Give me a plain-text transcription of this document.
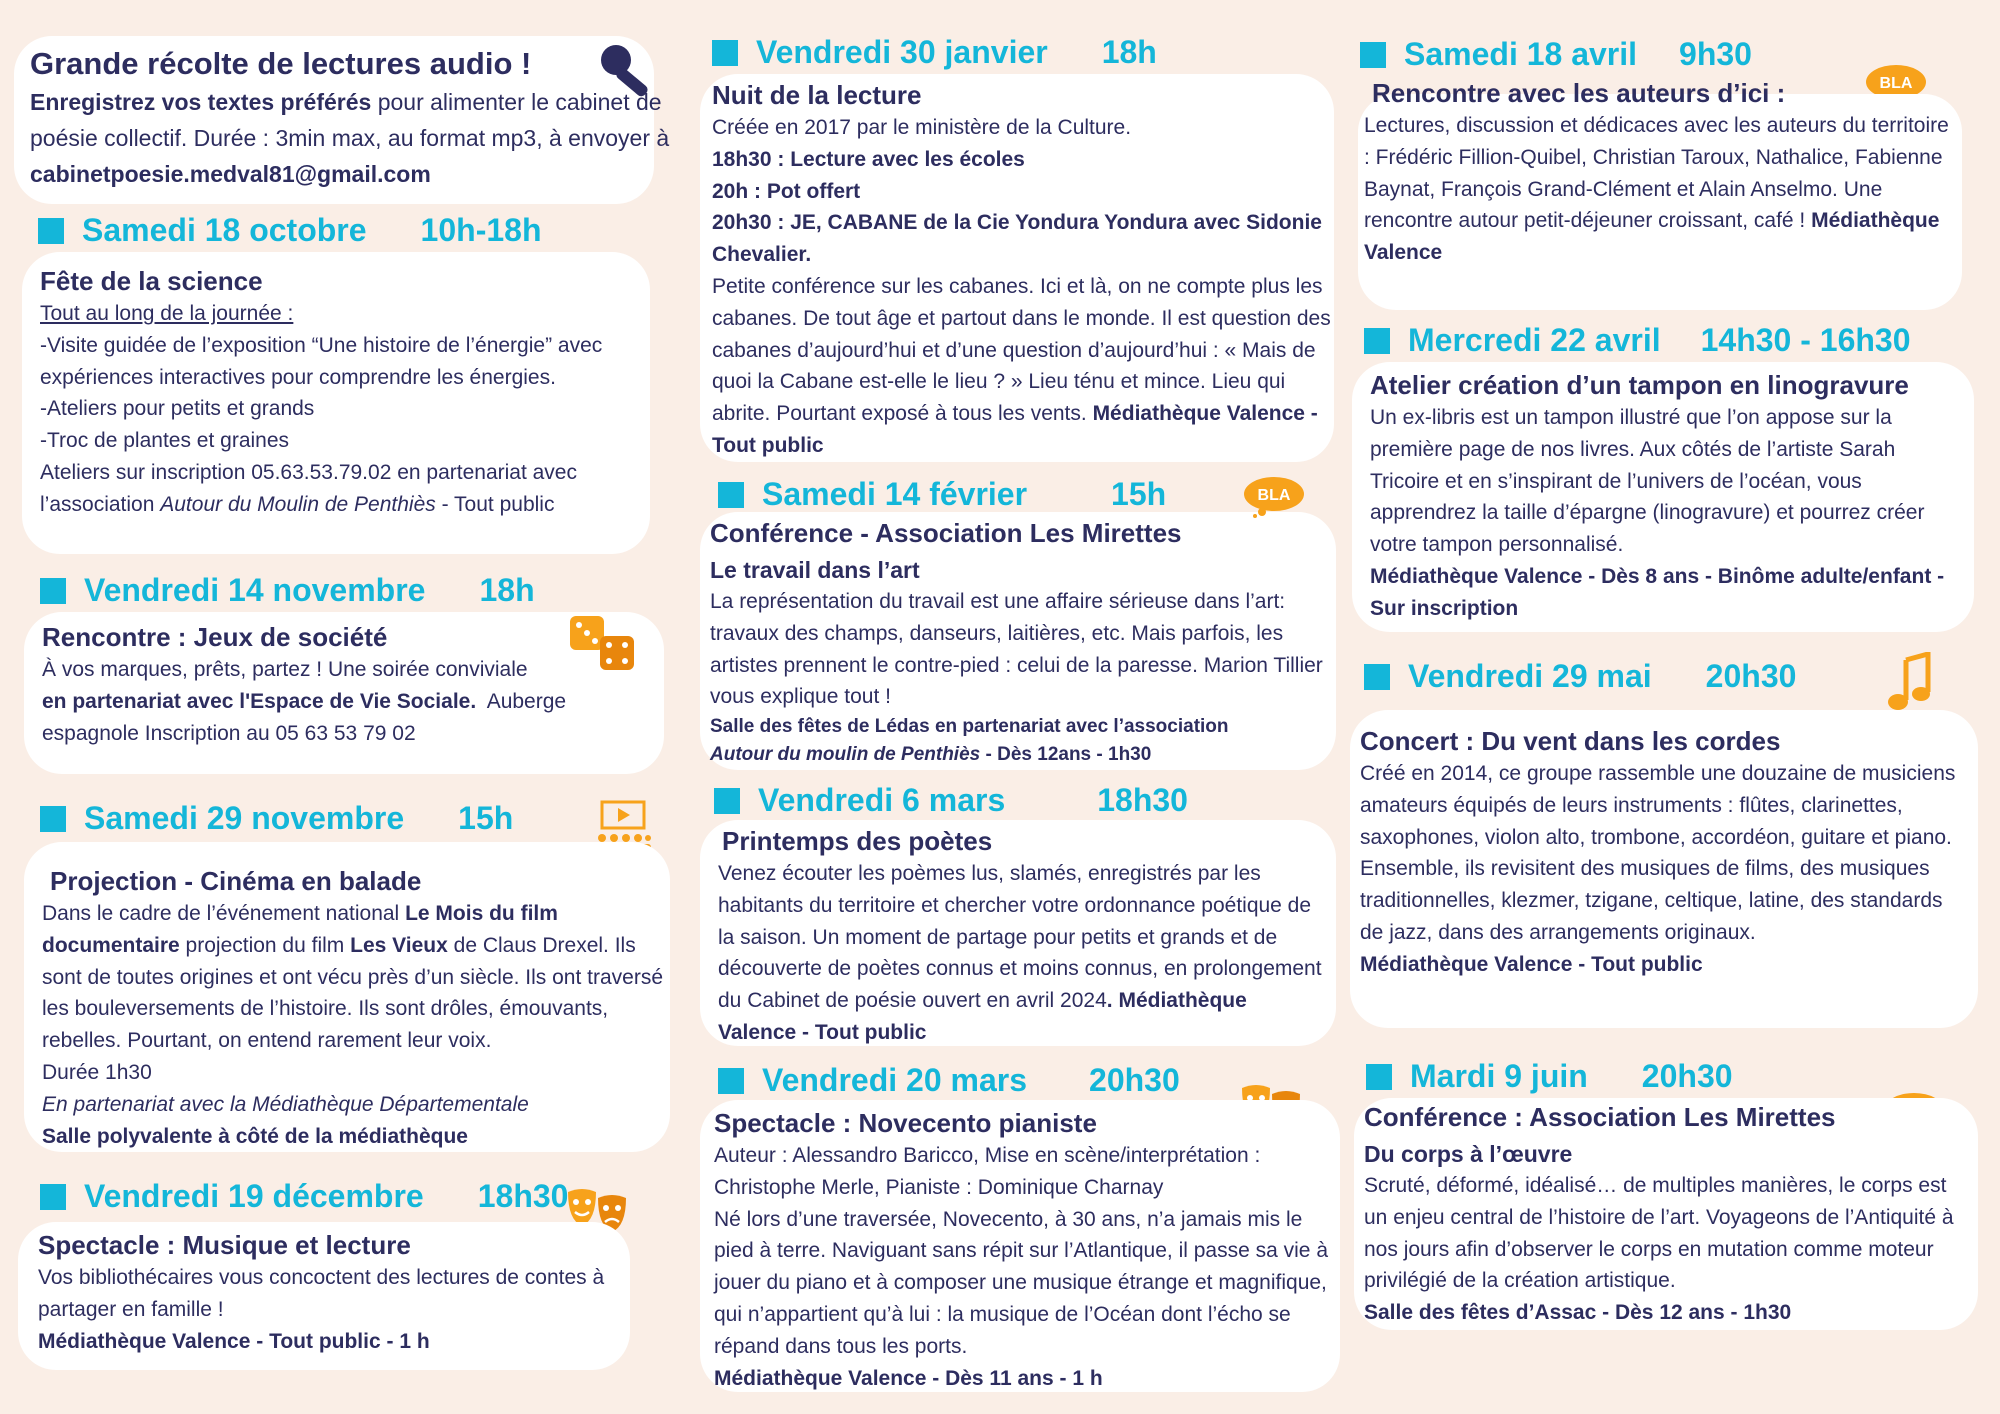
Grande récolte de lectures audio !

Enregistrez vos textes préférés pour alimenter le cabinet de poésie collectif. Durée : 3min max, au format mp3, à envoyer à cabinetpoesie.medval81@gmail.com

Samedi 18 octobre 10h-18h
Fête de la science

Tout au long de la journée :

-Visite guidée de l’exposition “Une histoire de l’énergie” avec expériences interactives pour comprendre les énergies.

-Ateliers pour petits et grands

-Troc de plantes et graines

Ateliers sur inscription 05.63.53.79.02 en partenariat avec l’association Autour du Moulin de Penthiès - Tout public

Vendredi 14 novembre 18h
Rencontre : Jeux de société

À vos marques, prêts, partez ! Une soirée conviviale
en partenariat avec l'Espace de Vie Sociale. Auberge espagnole Inscription au 05 63 53 79 02

Samedi 29 novembre 15h
Projection - Cinéma en balade

Dans le cadre de l’événement national Le Mois du film documentaire projection du film Les Vieux de Claus Drexel. Ils sont de toutes origines et ont vécu près d’un siècle. Ils ont traversé les bouleversements de l’histoire. Ils sont drôles, émouvants, rebelles. Pourtant, on entend rarement leur voix.

Durée 1h30

En partenariat avec la Médiathèque Départementale

Salle polyvalente à côté de la médiathèque

Vendredi 19 décembre 18h30
Spectacle : Musique et lecture

Vos bibliothécaires vous concoctent des lectures de contes à partager en famille !

Médiathèque Valence - Tout public - 1 h

Vendredi 30 janvier 18h
Nuit de la lecture

Créée en 2017 par le ministère de la Culture.

18h30 : Lecture avec les écoles

20h : Pot offert

20h30 : JE, CABANE de la Cie Yondura Yondura avec Sidonie Chevalier.

Petite conférence sur les cabanes. Ici et là, on ne compte plus les cabanes. De tout âge et partout dans le monde. Il est question des cabanes d’aujourd’hui et d’une question d’aujourd’hui : « Mais de quoi la Cabane est-elle le lieu ? » Lieu ténu et mince. Lieu qui abrite. Pourtant exposé à tous les vents. Médiathèque Valence - Tout public

Samedi 14 février	15h
Conférence - Association Les Mirettes
Le travail dans l’art

La représentation du travail est une affaire sérieuse dans l’art: travaux des champs, danseurs, laitières, etc. Mais parfois, les artistes prennent le contre-pied : celui de la paresse. Marion Tillier vous explique tout !

Salle des fêtes de Lédas en partenariat avec l’association

Autour du moulin de Penthiès - Dès 12ans - 1h30

BLA
Vendredi 6 mars	18h30
Printemps des poètes

Venez écouter les poèmes lus, slamés, enregistrés par les habitants du territoire et chercher votre ordonnance poétique de la saison. Un moment de partage pour petits et grands et de découverte de poètes connus et moins connus, en prolongement du Cabinet de poésie ouvert en avril 2024. Médiathèque Valence - Tout public

Vendredi 20 mars 20h30
Spectacle : Novecento pianiste

Auteur : Alessandro Baricco, Mise en scène/interprétation : Christophe Merle, Pianiste : Dominique Charnay

Né lors d’une traversée, Novecento, à 30 ans, n’a jamais mis le pied à terre. Naviguant sans répit sur l’Atlantique, il passe sa vie à jouer du piano et à composer une musique étrange et magnifique, qui n’appartient qu’à lui : la musique de l’Océan dont l’écho se répand dans tous les ports.

Médiathèque Valence - Dès 11 ans - 1 h

Samedi 18 avril 9h30
BLA
Rencontre avec les auteurs d’ici :

Lectures, discussion et dédicaces avec les auteurs du territoire : Frédéric Fillion-Quibel, Christian Taroux, Nathalice, Fabienne Baynat, François Grand-Clément et Alain Anselmo. Une rencontre autour petit-déjeuner croissant, café ! Médiathèque Valence

Mercredi 22 avril 14h30 - 16h30
Atelier création d’un tampon en linogravure

Un ex-libris est un tampon illustré que l’on appose sur la première page de nos livres. Aux côtés de l’artiste Sarah Tricoire et en s’inspirant de l’univers de l’océan, vous apprendrez la taille d’épargne (linogravure) et pourrez créer votre tampon personnalisé.

Médiathèque Valence - Dès 8 ans - Binôme adulte/enfant - Sur inscription

Vendredi 29 mai 20h30
Concert : Du vent dans les cordes

Créé en 2014, ce groupe rassemble une douzaine de musiciens amateurs équipés de leurs instruments : flûtes, clarinettes, saxophones, violon alto, trombone, accordéon, guitare et piano.

Ensemble, ils revisitent des musiques de films, des musiques traditionnelles, klezmer, tzigane, celtique, latine, des standards de jazz, dans des arrangements originaux.

Médiathèque Valence - Tout public

Mardi 9 juin 20h30
Conférence : Association Les Mirettes
Du corps à l’œuvre

Scruté, déformé, idéalisé… de multiples manières, le corps est un enjeu central de l’histoire de l’art. Voyageons de l’Antiquité à nos jours afin d’observer le corps en mutation comme moteur privilégié de la création artistique.

Salle des fêtes d’Assac - Dès 12 ans - 1h30
